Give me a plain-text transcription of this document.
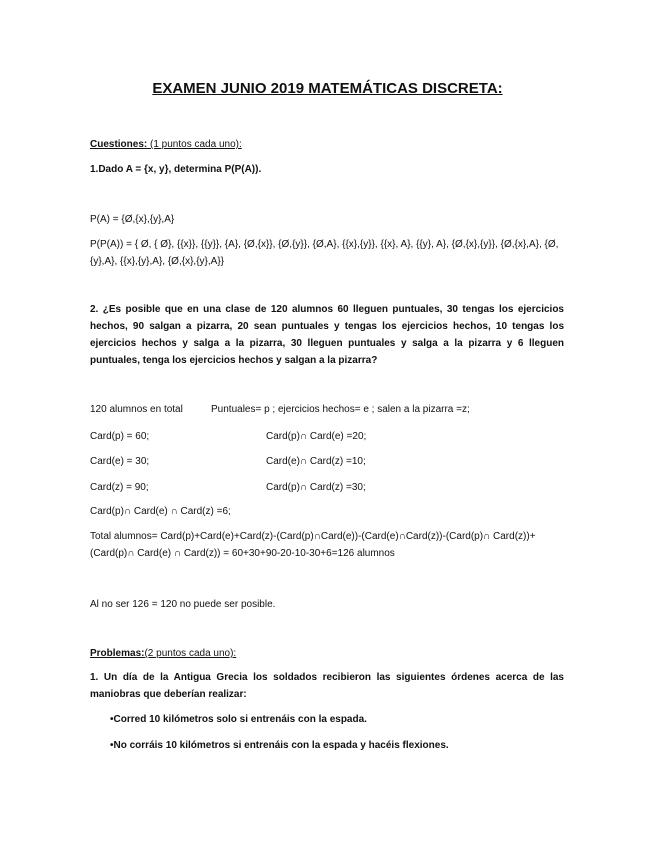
EXAMEN JUNIO 2019 MATEMÁTICAS DISCRETA:
Cuestiones: (1 puntos cada uno):
1.Dado A = {x, y}, determina P(P(A)).
P(A) = {Ø,{x},{y},A}
P(P(A)) = { Ø, { Ø}, {{x}}, {{y}}, {A}, {Ø,{x}}, {Ø,{y}}, {Ø,A}, {{x},{y}}, {{x}, A}, {{y}, A}, {Ø,{x},{y}}, {Ø,{x},A}, {Ø,{y},A}, {{x},{y},A}, {Ø,{x},{y},A}}
2. ¿Es posible que en una clase de 120 alumnos 60 lleguen puntuales, 30 tengas los ejercicios hechos, 90 salgan a pizarra, 20 sean puntuales y tengas los ejercicios hechos, 10 tengas los ejercicios hechos y salga a la pizarra, 30 lleguen puntuales y salga a la pizarra y 6 lleguen puntuales, tenga los ejercicios hechos y salgan a la pizarra?
120 alumnos en total	Puntuales= p ; ejercicios hechos= e ; salen a la pizarra =z;
Card(p) = 60;	Card(p)∩ Card(e) =20;
Card(e) = 30;	Card(e)∩ Card(z) =10;
Card(z) = 90;	Card(p)∩ Card(z) =30;
Card(p)∩ Card(e) ∩ Card(z) =6;
Total alumnos= Card(p)+Card(e)+Card(z)-(Card(p)∩Card(e))-(Card(e)∩Card(z))-(Card(p)∩ Card(z))+(Card(p)∩ Card(e) ∩ Card(z)) = 60+30+90-20-10-30+6=126 alumnos
Al no ser 126 = 120 no puede ser posible.
Problemas:(2 puntos cada uno):
1. Un día de la Antigua Grecia los soldados recibieron las siguientes órdenes acerca de las maniobras que deberían realizar:
•Corred 10 kilómetros solo si entrenáis con la espada.
•No corráis 10 kilómetros si entrenáis con la espada y hacéis flexiones.
